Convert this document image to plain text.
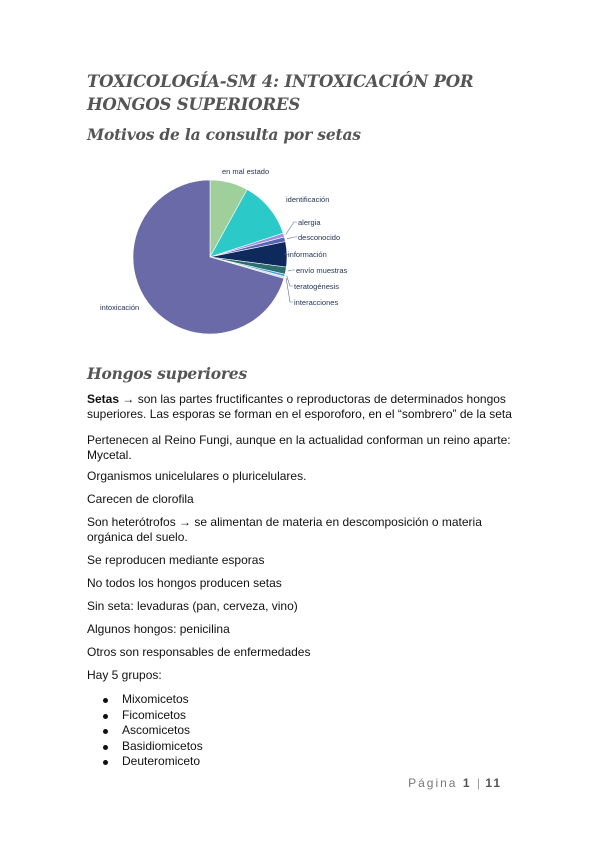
TOXICOLOGÍA-SM 4: INTOXICACIÓN POR HONGOS SUPERIORES
Motivos de la consulta por setas
en mal estado
identificación
alergia
desconocido
información
envío muestras
teratogénesis
interacciones
intoxicación
Hongos superiores
Setas → son las partes fructificantes o reproductoras de determinados hongos superiores. Las esporas se forman en el esporoforo, en el “sombrero” de la seta
Pertenecen al Reino Fungi, aunque en la actualidad conforman un reino aparte: Mycetal.
Organismos unicelulares o pluricelulares.
Carecen de clorofila
Son heterótrofos → se alimentan de materia en descomposición o materia orgánica del suelo.
Se reproducen mediante esporas
No todos los hongos producen setas
Sin seta: levaduras (pan, cerveza, vino)
Algunos hongos: penicilina
Otros son responsables de enfermedades
Hay 5 grupos:
Mixomicetos
Ficomicetos
Ascomicetos
Basidiomicetos
Deuteromiceto
Página 1 | 11
